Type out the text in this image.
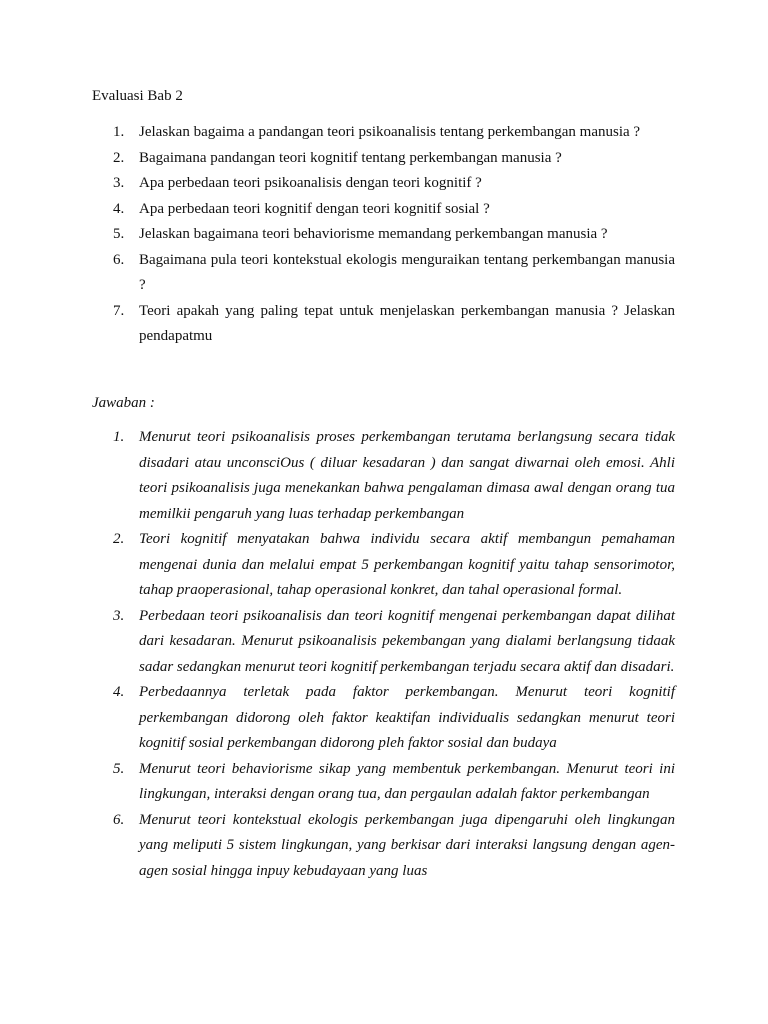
Evaluasi Bab 2

1. Jelaskan bagaima a pandangan teori psikoanalisis tentang perkembangan manusia ?
2. Bagaimana pandangan teori kognitif tentang perkembangan manusia ?
3. Apa perbedaan teori psikoanalisis dengan teori kognitif ?
4. Apa perbedaan teori kognitif dengan teori kognitif sosial ?
5. Jelaskan bagaimana teori behaviorisme memandang perkembangan manusia ?
6. Bagaimana pula teori kontekstual ekologis menguraikan tentang perkembangan manusia ?
7. Teori apakah yang paling tepat untuk menjelaskan perkembangan manusia ? Jelaskan pendapatmu

Jawaban :

1. Menurut teori psikoanalisis proses perkembangan terutama berlangsung secara tidak disadari atau unconsciOus ( diluar kesadaran ) dan sangat diwarnai oleh emosi. Ahli teori psikoanalisis juga menekankan bahwa pengalaman dimasa awal dengan orang tua memilkii pengaruh yang luas terhadap perkembangan
2. Teori kognitif menyatakan bahwa individu secara aktif membangun pemahaman mengenai dunia dan melalui empat 5 perkembangan kognitif yaitu tahap sensorimotor, tahap praoperasional, tahap operasional konkret, dan tahal operasional formal.
3. Perbedaan teori psikoanalisis dan teori kognitif mengenai perkembangan dapat dilihat dari kesadaran. Menurut psikoanalisis pekembangan yang dialami berlangsung tidaak sadar sedangkan menurut teori kognitif perkembangan terjadu secara aktif dan disadari.
4. Perbedaannya terletak pada faktor perkembangan. Menurut teori kognitif perkembangan didorong oleh faktor keaktifan individualis sedangkan menurut teori kognitif sosial perkembangan didorong pleh faktor sosial dan budaya
5. Menurut teori behaviorisme sikap yang membentuk perkembangan. Menurut teori ini lingkungan, interaksi dengan orang tua, dan pergaulan adalah faktor perkembangan
6. Menurut teori kontekstual ekologis perkembangan juga dipengaruhi oleh lingkungan yang meliputi 5 sistem lingkungan, yang berkisar dari interaksi langsung dengan agen-agen sosial hingga inpuy kebudayaan yang luas
